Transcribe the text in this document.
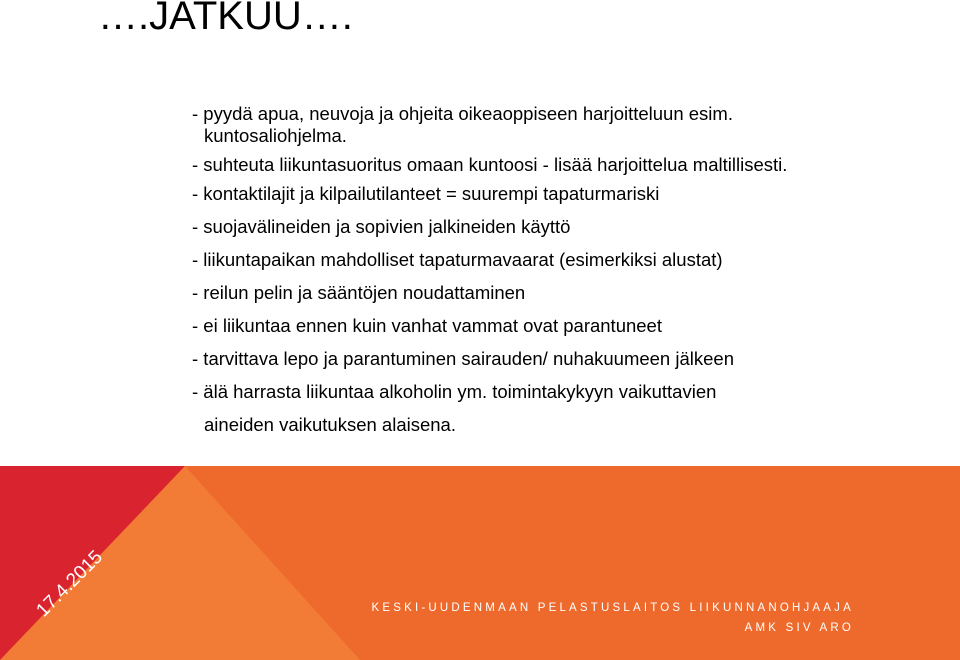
….JATKUU….
- pyydä apua, neuvoja ja ohjeita oikeaoppiseen harjoitteluun esim.
kuntosaliohjelma.
- suhteuta liikuntasuoritus omaan kuntoosi - lisää harjoittelua maltillisesti.
- kontaktilajit ja kilpailutilanteet = suurempi tapaturmariski
- suojavälineiden ja sopivien jalkineiden käyttö
- liikuntapaikan mahdolliset tapaturmavaarat (esimerkiksi alustat)
- reilun pelin ja sääntöjen noudattaminen
- ei liikuntaa ennen kuin vanhat vammat ovat parantuneet
- tarvittava lepo ja parantuminen sairauden/ nuhakuumeen jälkeen
- älä harrasta liikuntaa alkoholin ym. toimintakykyyn vaikuttavien
aineiden vaikutuksen alaisena.
17.4.2015	KESKI-UUDENMAAN PELASTUSLAITOS LIIKUNNANOHJAAJA
AMK SIV ARO
